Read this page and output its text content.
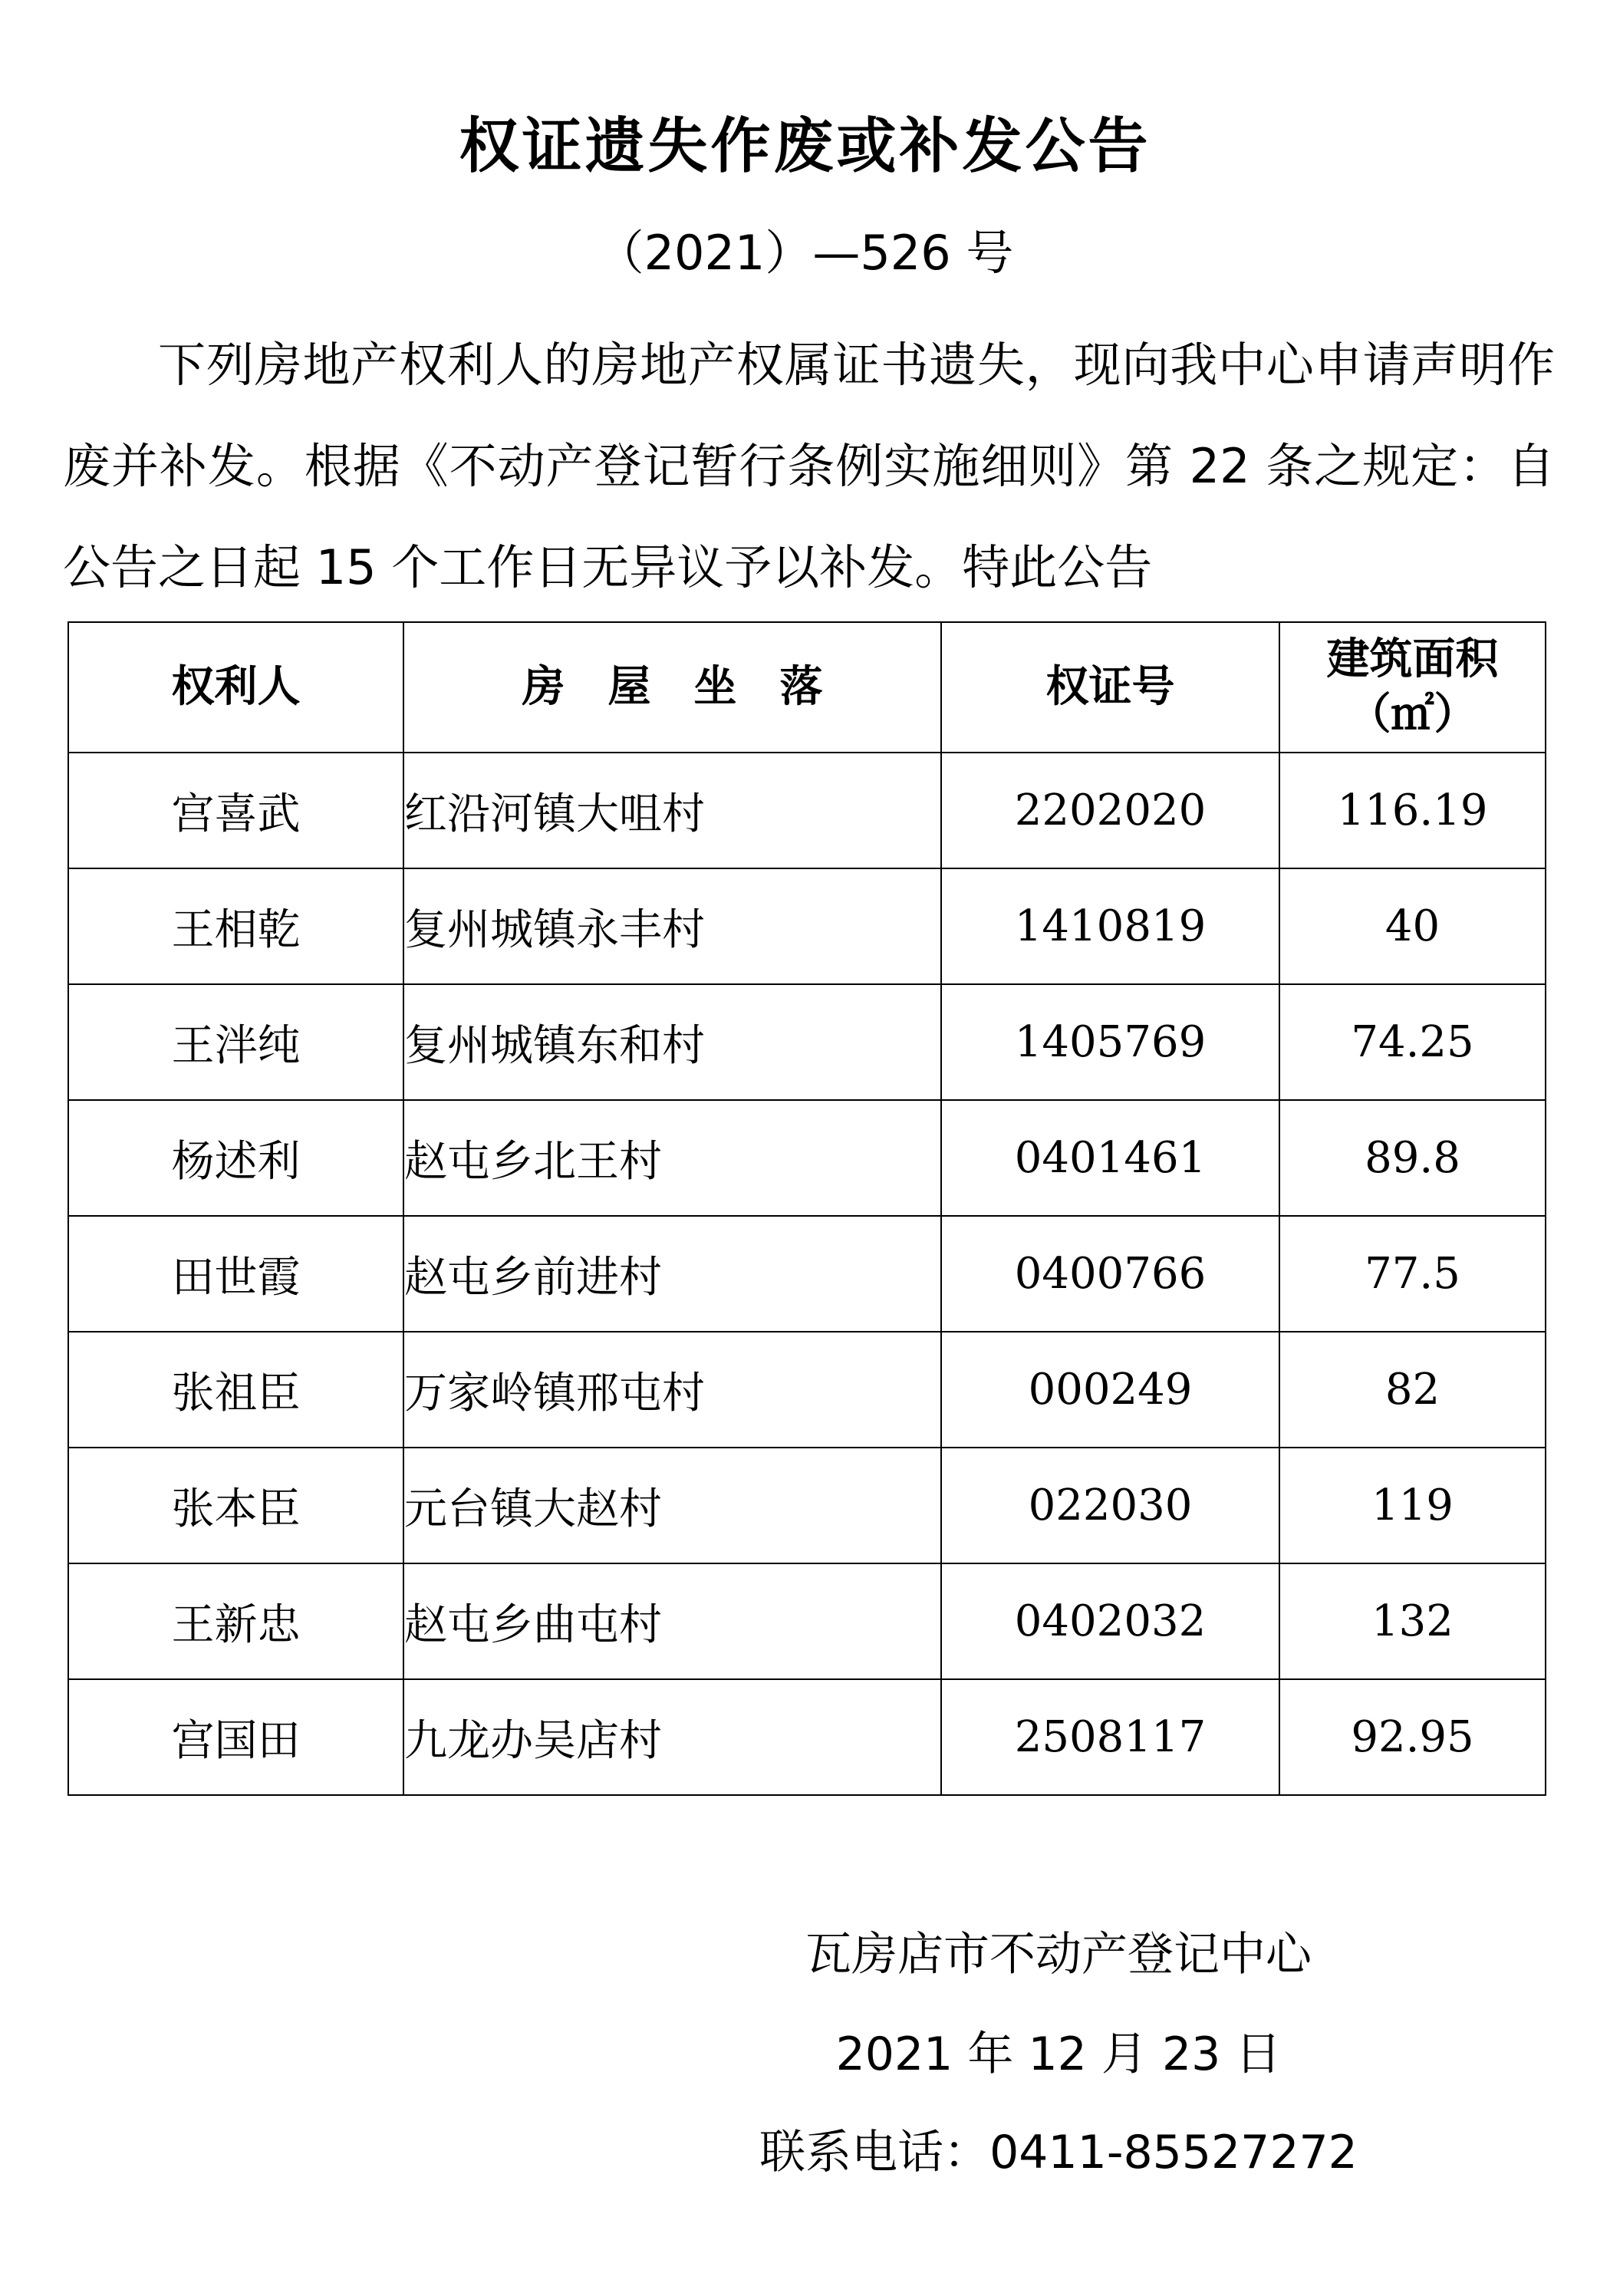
权证遗失作废或补发公告
（2021）—526 号
下列房地产权利人的房地产权属证书遗失，现向我中心申请声明作废并补发。根据《不动产登记暂行条例实施细则》第 22 条之规定：自公告之日起 15 个工作日无异议予以补发。特此公告
权利人	房　屋　坐　落	权证号	建筑面积
（㎡）

宫喜武	红沿河镇大咀村	2202020	116.19
王相乾	复州城镇永丰村	1410819	40
王泮纯	复州城镇东和村	1405769	74.25
杨述利	赵屯乡北王村	0401461	89.8
田世霞	赵屯乡前进村	0400766	77.5
张祖臣	万家岭镇邢屯村	000249	82
张本臣	元台镇大赵村	022030	119
王新忠	赵屯乡曲屯村	0402032	132
宫国田	九龙办吴店村	2508117	92.95
瓦房店市不动产登记中心
2021 年 12 月 23 日
联系电话：0411-85527272
